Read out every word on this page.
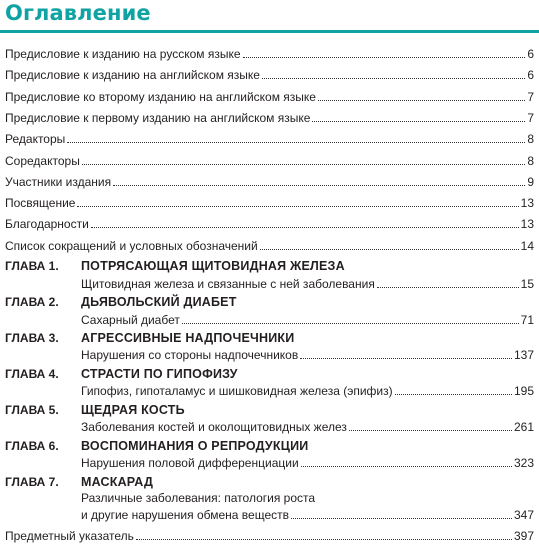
Оглавление
Предисловие к изданию на русском языке	6
Предисловие к изданию на английском языке	6
Предисловие ко второму изданию на английском языке	7
Предисловие к первому изданию на английском языке	7
Редакторы	8
Соредакторы	8
Участники издания	9
Посвящение	13
Благодарности	13
Список сокращений и условных обозначений	14
ГЛАВА 1. ПОТРЯСАЮЩАЯ ЩИТОВИДНАЯ ЖЕЛЕЗА
Щитовидная железа и связанные с ней заболевания	15
ГЛАВА 2. ДЬЯВОЛЬСКИЙ ДИАБЕТ
Сахарный диабет	71
ГЛАВА 3. АГРЕССИВНЫЕ НАДПОЧЕЧНИКИ
Нарушения со стороны надпочечников	137
ГЛАВА 4. СТРАСТИ ПО ГИПОФИЗУ
Гипофиз, гипоталамус и шишковидная железа (эпифиз)	195
ГЛАВА 5. ЩЕДРАЯ КОСТЬ
Заболевания костей и околощитовидных желез	261
ГЛАВА 6. ВОСПОМИНАНИЯ О РЕПРОДУКЦИИ
Нарушения половой дифференциации	323
ГЛАВА 7. МАСКАРАД
Различные заболевания: патология роста
и другие нарушения обмена веществ	347
Предметный указатель	397
